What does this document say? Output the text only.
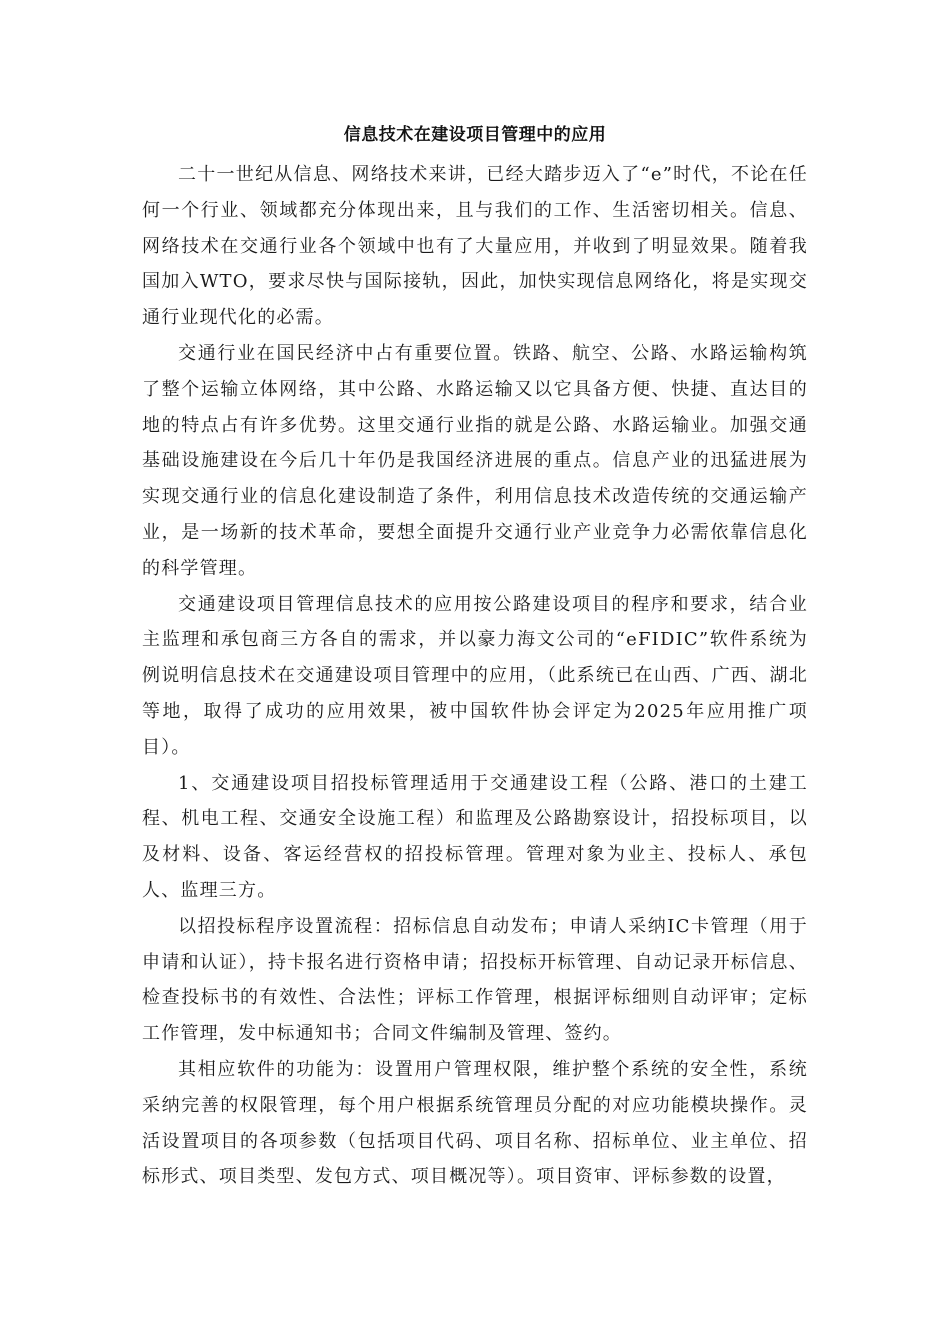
信息技术在建设项目管理中的应用

二十一世纪从信息、网络技术来讲，已经大踏步迈入了“e”时代，不论在任何一个行业、领域都充分体现出来，且与我们的工作、生活密切相关。信息、网络技术在交通行业各个领域中也有了大量应用，并收到了明显效果。随着我国加入WTO，要求尽快与国际接轨，因此，加快实现信息网络化，将是实现交通行业现代化的必需。

交通行业在国民经济中占有重要位置。铁路、航空、公路、水路运输构筑了整个运输立体网络，其中公路、水路运输又以它具备方便、快捷、直达目的地的特点占有许多优势。这里交通行业指的就是公路、水路运输业。加强交通基础设施建设在今后几十年仍是我国经济进展的重点。信息产业的迅猛进展为实现交通行业的信息化建设制造了条件，利用信息技术改造传统的交通运输产业，是一场新的技术革命，要想全面提升交通行业产业竞争力必需依靠信息化的科学管理。

交通建设项目管理信息技术的应用按公路建设项目的程序和要求，结合业主监理和承包商三方各自的需求，并以豪力海文公司的“eFIDIC”软件系统为例说明信息技术在交通建设项目管理中的应用，（此系统已在山西、广西、湖北等地，取得了成功的应用效果，被中国软件协会评定为2025年应用推广项目）。

1、交通建设项目招投标管理适用于交通建设工程（公路、港口的土建工程、机电工程、交通安全设施工程）和监理及公路勘察设计，招投标项目，以及材料、设备、客运经营权的招投标管理。管理对象为业主、投标人、承包人、监理三方。

以招投标程序设置流程：招标信息自动发布；申请人采纳IC卡管理（用于申请和认证），持卡报名进行资格申请；招投标开标管理、自动记录开标信息、检查投标书的有效性、合法性；评标工作管理，根据评标细则自动评审；定标工作管理，发中标通知书；合同文件编制及管理、签约。

其相应软件的功能为：设置用户管理权限，维护整个系统的安全性，系统采纳完善的权限管理，每个用户根据系统管理员分配的对应功能模块操作。灵活设置项目的各项参数（包括项目代码、项目名称、招标单位、业主单位、招标形式、项目类型、发包方式、项目概况等）。项目资审、评标参数的设置，
